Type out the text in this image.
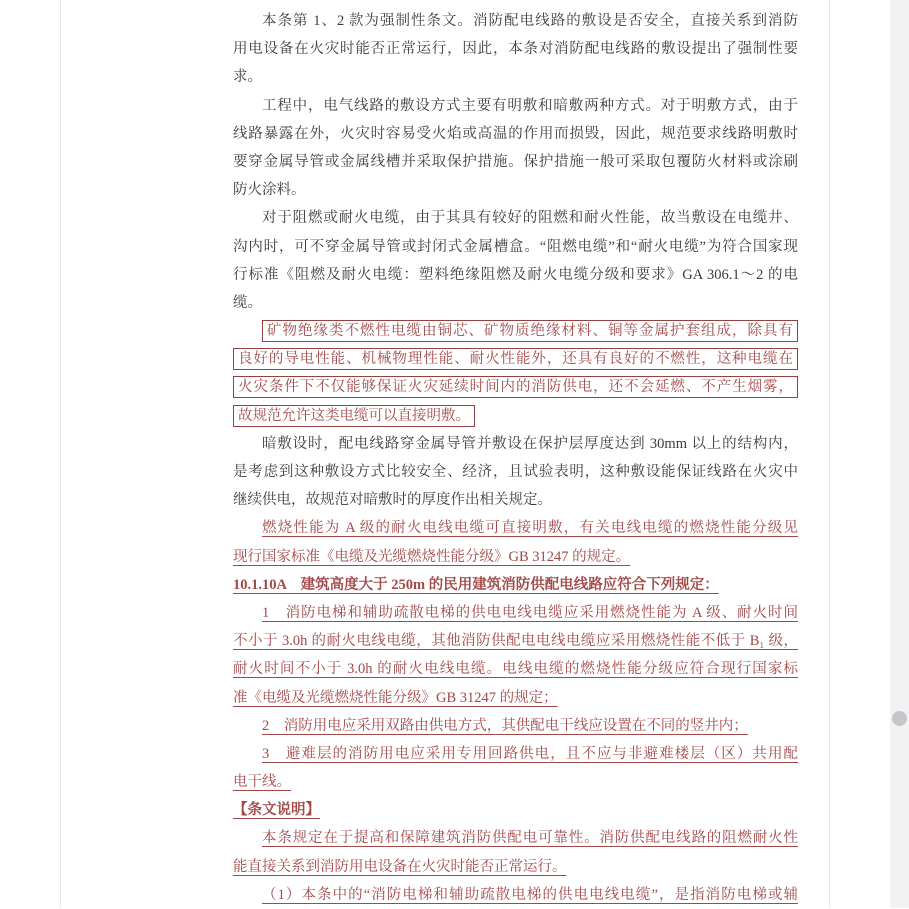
本条第 1、2 款为强制性条文。消防配电线路的敷设是否安全，直接关系到消防
用电设备在火灾时能否正常运行，因此，本条对消防配电线路的敷设提出了强制性要
求。
工程中，电气线路的敷设方式主要有明敷和暗敷两种方式。对于明敷方式，由于
线路暴露在外，火灾时容易受火焰或高温的作用而损毁，因此，规范要求线路明敷时
要穿金属导管或金属线槽并采取保护措施。保护措施一般可采取包覆防火材料或涂刷
防火涂料。
对于阻燃或耐火电缆，由于其具有较好的阻燃和耐火性能，故当敷设在电缆井、
沟内时，可不穿金属导管或封闭式金属槽盒。“阻燃电缆”和“耐火电缆”为符合国家现
行标准《阻燃及耐火电缆：塑料绝缘阻燃及耐火电缆分级和要求》GA 306.1～2 的电
缆。
矿物绝缘类不燃性电缆由铜芯、矿物质绝缘材料、铜等金属护套组成，除具有
良好的导电性能、机械物理性能、耐火性能外，还具有良好的不燃性，这种电缆在
火灾条件下不仅能够保证火灾延续时间内的消防供电，还不会延燃、不产生烟雾，
故规范允许这类电缆可以直接明敷。
暗敷设时，配电线路穿金属导管并敷设在保护层厚度达到 30mm 以上的结构内，
是考虑到这种敷设方式比较安全、经济，且试验表明，这种敷设能保证线路在火灾中
继续供电，故规范对暗敷时的厚度作出相关规定。
燃烧性能为 A 级的耐火电线电缆可直接明敷，有关电线电缆的燃烧性能分级见
现行国家标准《电缆及光缆燃烧性能分级》GB 31247 的规定。
10.1.10A　建筑高度大于 250m 的民用建筑消防供配电线路应符合下列规定：
1　消防电梯和辅助疏散电梯的供电电线电缆应采用燃烧性能为 A 级、耐火时间
不小于 3.0h 的耐火电线电缆，其他消防供配电电线电缆应采用燃烧性能不低于 B₁ 级，
耐火时间不小于 3.0h 的耐火电线电缆。电线电缆的燃烧性能分级应符合现行国家标
准《电缆及光缆燃烧性能分级》GB 31247 的规定；
2　消防用电应采用双路由供电方式，其供配电干线应设置在不同的竖井内；
3　避难层的消防用电应采用专用回路供电，且不应与非避难楼层（区）共用配
电干线。
【条文说明】
本条规定在于提高和保障建筑消防供配电可靠性。消防供配电线路的阻燃耐火性
能直接关系到消防用电设备在火灾时能否正常运行。
（1）本条中的“消防电梯和辅助疏散电梯的供电电线电缆”，是指消防电梯或辅
